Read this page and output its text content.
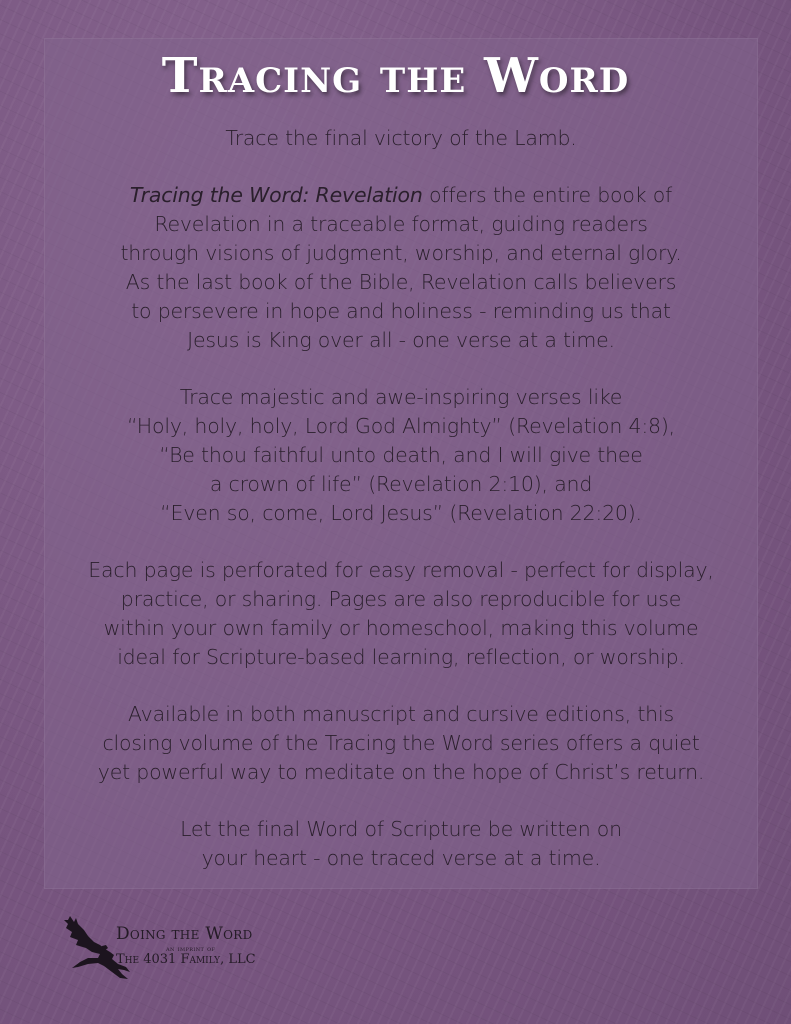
Tracing the Word

Trace the final victory of the Lamb.

Tracing the Word: Revelation offers the entire book of
Revelation in a traceable format, guiding readers
through visions of judgment, worship, and eternal glory.
As the last book of the Bible, Revelation calls believers
to persevere in hope and holiness - reminding us that
Jesus is King over all - one verse at a time.

Trace majestic and awe-inspiring verses like
“Holy, holy, holy, Lord God Almighty” (Revelation 4:8),
“Be thou faithful unto death, and I will give thee
a crown of life” (Revelation 2:10), and
“Even so, come, Lord Jesus” (Revelation 22:20).

Each page is perforated for easy removal - perfect for display,
practice, or sharing. Pages are also reproducible for use
within your own family or homeschool, making this volume
ideal for Scripture-based learning, reflection, or worship.

Available in both manuscript and cursive editions, this
closing volume of the Tracing the Word series offers a quiet
yet powerful way to meditate on the hope of Christ’s return.

Let the final Word of Scripture be written on
your heart - one traced verse at a time.

Doing the Word
an imprint of
The 4031 Family, LLC
